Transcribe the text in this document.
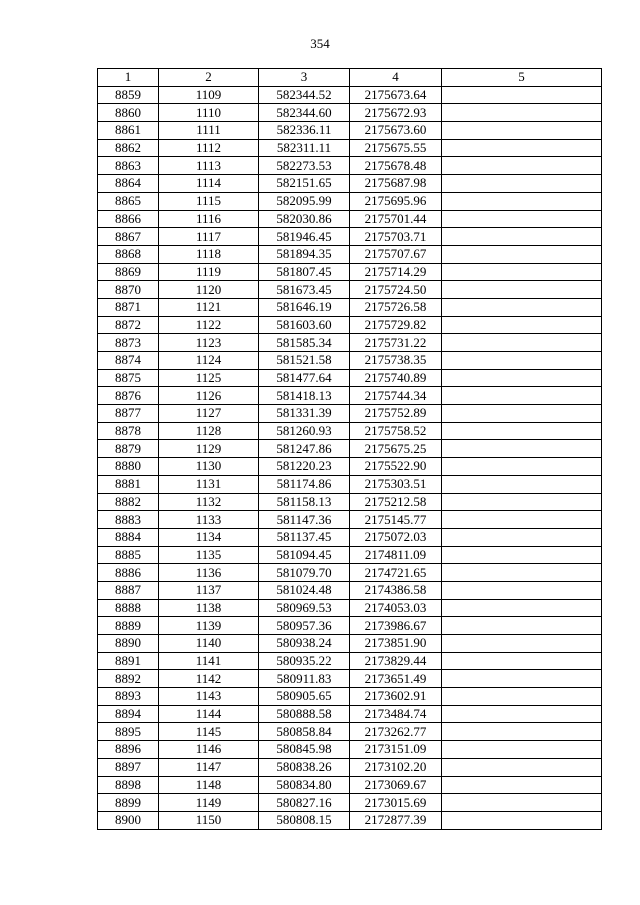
354
1	2	3	4	5
8859	1109	582344.52	2175673.64	
8860	1110	582344.60	2175672.93	
8861	1111	582336.11	2175673.60	
8862	1112	582311.11	2175675.55	
8863	1113	582273.53	2175678.48	
8864	1114	582151.65	2175687.98	
8865	1115	582095.99	2175695.96	
8866	1116	582030.86	2175701.44	
8867	1117	581946.45	2175703.71	
8868	1118	581894.35	2175707.67	
8869	1119	581807.45	2175714.29	
8870	1120	581673.45	2175724.50	
8871	1121	581646.19	2175726.58	
8872	1122	581603.60	2175729.82	
8873	1123	581585.34	2175731.22	
8874	1124	581521.58	2175738.35	
8875	1125	581477.64	2175740.89	
8876	1126	581418.13	2175744.34	
8877	1127	581331.39	2175752.89	
8878	1128	581260.93	2175758.52	
8879	1129	581247.86	2175675.25	
8880	1130	581220.23	2175522.90	
8881	1131	581174.86	2175303.51	
8882	1132	581158.13	2175212.58	
8883	1133	581147.36	2175145.77	
8884	1134	581137.45	2175072.03	
8885	1135	581094.45	2174811.09	
8886	1136	581079.70	2174721.65	
8887	1137	581024.48	2174386.58	
8888	1138	580969.53	2174053.03	
8889	1139	580957.36	2173986.67	
8890	1140	580938.24	2173851.90	
8891	1141	580935.22	2173829.44	
8892	1142	580911.83	2173651.49	
8893	1143	580905.65	2173602.91	
8894	1144	580888.58	2173484.74	
8895	1145	580858.84	2173262.77	
8896	1146	580845.98	2173151.09	
8897	1147	580838.26	2173102.20	
8898	1148	580834.80	2173069.67	
8899	1149	580827.16	2173015.69	
8900	1150	580808.15	2172877.39	
